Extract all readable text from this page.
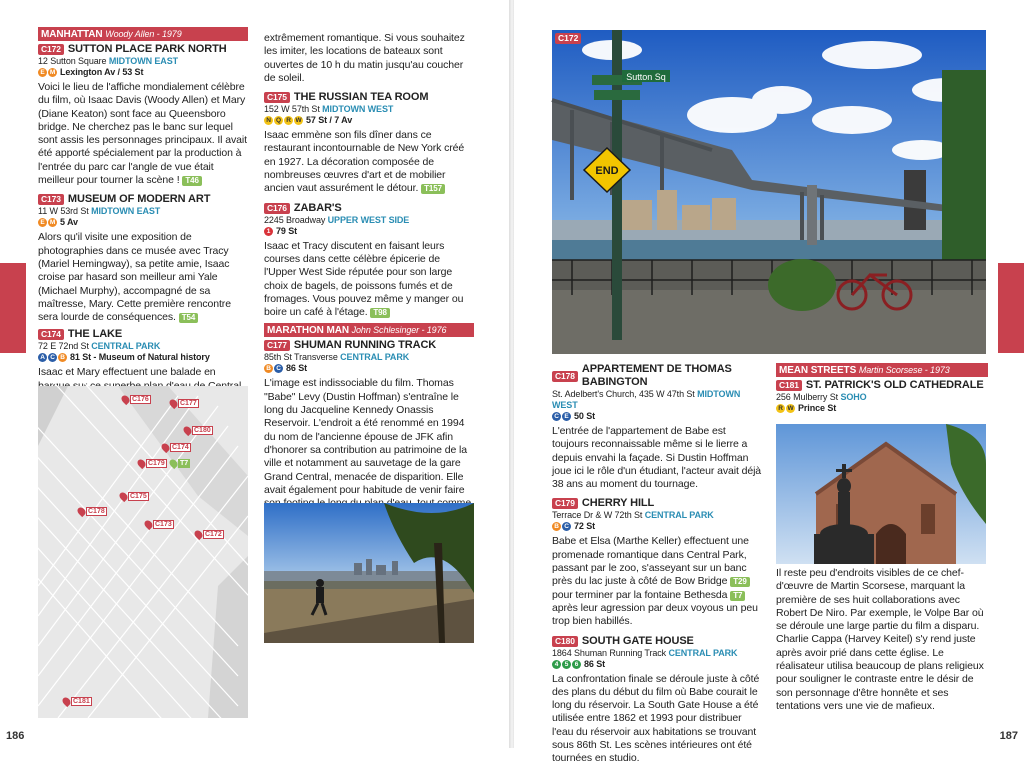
MANHATTAN Woody Allen - 1979
C172 SUTTON PLACE PARK NORTH
12 Sutton Square MIDTOWN EAST
E M Lexington Av / 53 St

Voici le lieu de l'affiche mondialement célèbre du film, où Isaac Davis (Woody Allen) et Mary (Diane Keaton) sont face au Queensboro bridge. Ne cherchez pas le banc sur lequel sont assis les personnages principaux. Il avait été apporté spécialement par la production à l'entrée du parc car l'angle de vue était meilleur pour tourner la scène ! T46

C173 MUSEUM OF MODERN ART
11 W 53rd St MIDTOWN EAST
E M 5 Av

Alors qu'il visite une exposition de photographies dans ce musée avec Tracy (Mariel Hemingway), sa petite amie, Isaac croise par hasard son meilleur ami Yale (Michael Murphy), accompagné de sa maîtresse, Mary. Cette première rencontre sera lourde de conséquences. T54

C174 THE LAKE
72 E 72nd St CENTRAL PARK
A C B 81 St - Museum of Natural history

Isaac et Mary effectuent une balade en

C176
C177
C180
C174
C179	T7
C175
C178
C173
C172
C181

extrêmement romantique. Si vous souhaitez les imiter, les locations de bateaux sont ouvertes de 10 h du matin jusqu'au coucher de soleil.

C175 THE RUSSIAN TEA ROOM
152 W 57th St MIDTOWN WEST
N Q R W 57 St / 7 Av

Isaac emmène son fils dîner dans ce restaurant incontournable de New York créé en 1927. La décoration composée de nombreuses œuvres d'art et de mobilier ancien vaut assurément le détour. T157

C176 ZABAR'S
2245 Broadway UPPER WEST SIDE
1 79 St

Isaac et Tracy discutent en faisant leurs courses dans cette célèbre épicerie de l'Upper West Side réputée pour son large choix de bagels, de poissons fumés et de fromages. Vous pouvez même y manger ou boire un café à l'étage. T98

MARATHON MAN John Schlesinger - 1976
C177 SHUMAN RUNNING TRACK
85th St Transverse CENTRAL PARK
B C 86 St

L'image est indissociable du film. Thomas "Babe" Levy (Dustin Hoffman) s'entraîne le long du Jacqueline Kennedy Onassis Reservoir. L'endroit a été renommé en 1994 du nom de l'ancienne épouse de JFK afin d'honorer sa contribution au patrimoine de la ville et notamment au sauvetage de la gare Grand Central, menacée de disparition. Elle avait également pour habitude de venir faire

186
END
Sutton Sq
C172
C178
APPARTEMENT DE THOMAS BABINGTON
St. Adelbert's Church, 435 W 47th St MIDTOWN WEST
C E 50 St

L'entrée de l'appartement de Babe est toujours reconnaissable même si le lierre a depuis envahi la façade. Si Dustin Hoffman joue ici le rôle d'un étudiant, l'acteur avait déjà 38 ans au moment du tournage.

C179 CHERRY HILL
Terrace Dr & W 72th St CENTRAL PARK
B C 72 St

Babe et Elsa (Marthe Keller) effectuent une promenade romantique dans Central Park, passant par le zoo, s'asseyant sur un banc près du lac juste à côté de Bow Bridge T29 pour terminer par la fontaine Bethesda T7 après leur agression par deux voyous un peu trop bien habillés.

C180 SOUTH GATE HOUSE
1864 Shuman Running Track CENTRAL PARK
4 5 6 86 St

La confrontation finale se déroule juste à côté des plans du début du film où Babe courait le long du réservoir. La South Gate House a été utilisée entre 1862 et 1993 pour distribuer l'eau du réservoir aux habitations se trouvant sous 86th St. Les scènes intérieures ont été tournées en studio.

MEAN STREETS Martin Scorsese - 1973
C181 ST. PATRICK'S OLD CATHEDRALE
256 Mulberry St SOHO
R W Prince St

Il reste peu d'endroits visibles de ce chef-d'œuvre de Martin Scorsese, marquant la première de ses huit collaborations avec Robert De Niro. Par exemple, le Volpe Bar où se déroule une large partie du film a disparu. Charlie Cappa (Harvey Keitel) s'y rend juste après avoir prié dans cette église. Le réalisateur utilisa beaucoup de plans religieux pour souligner le contraste entre le désir de son personnage d'être honnête et ses tentations vers une vie de mafieux.

187
